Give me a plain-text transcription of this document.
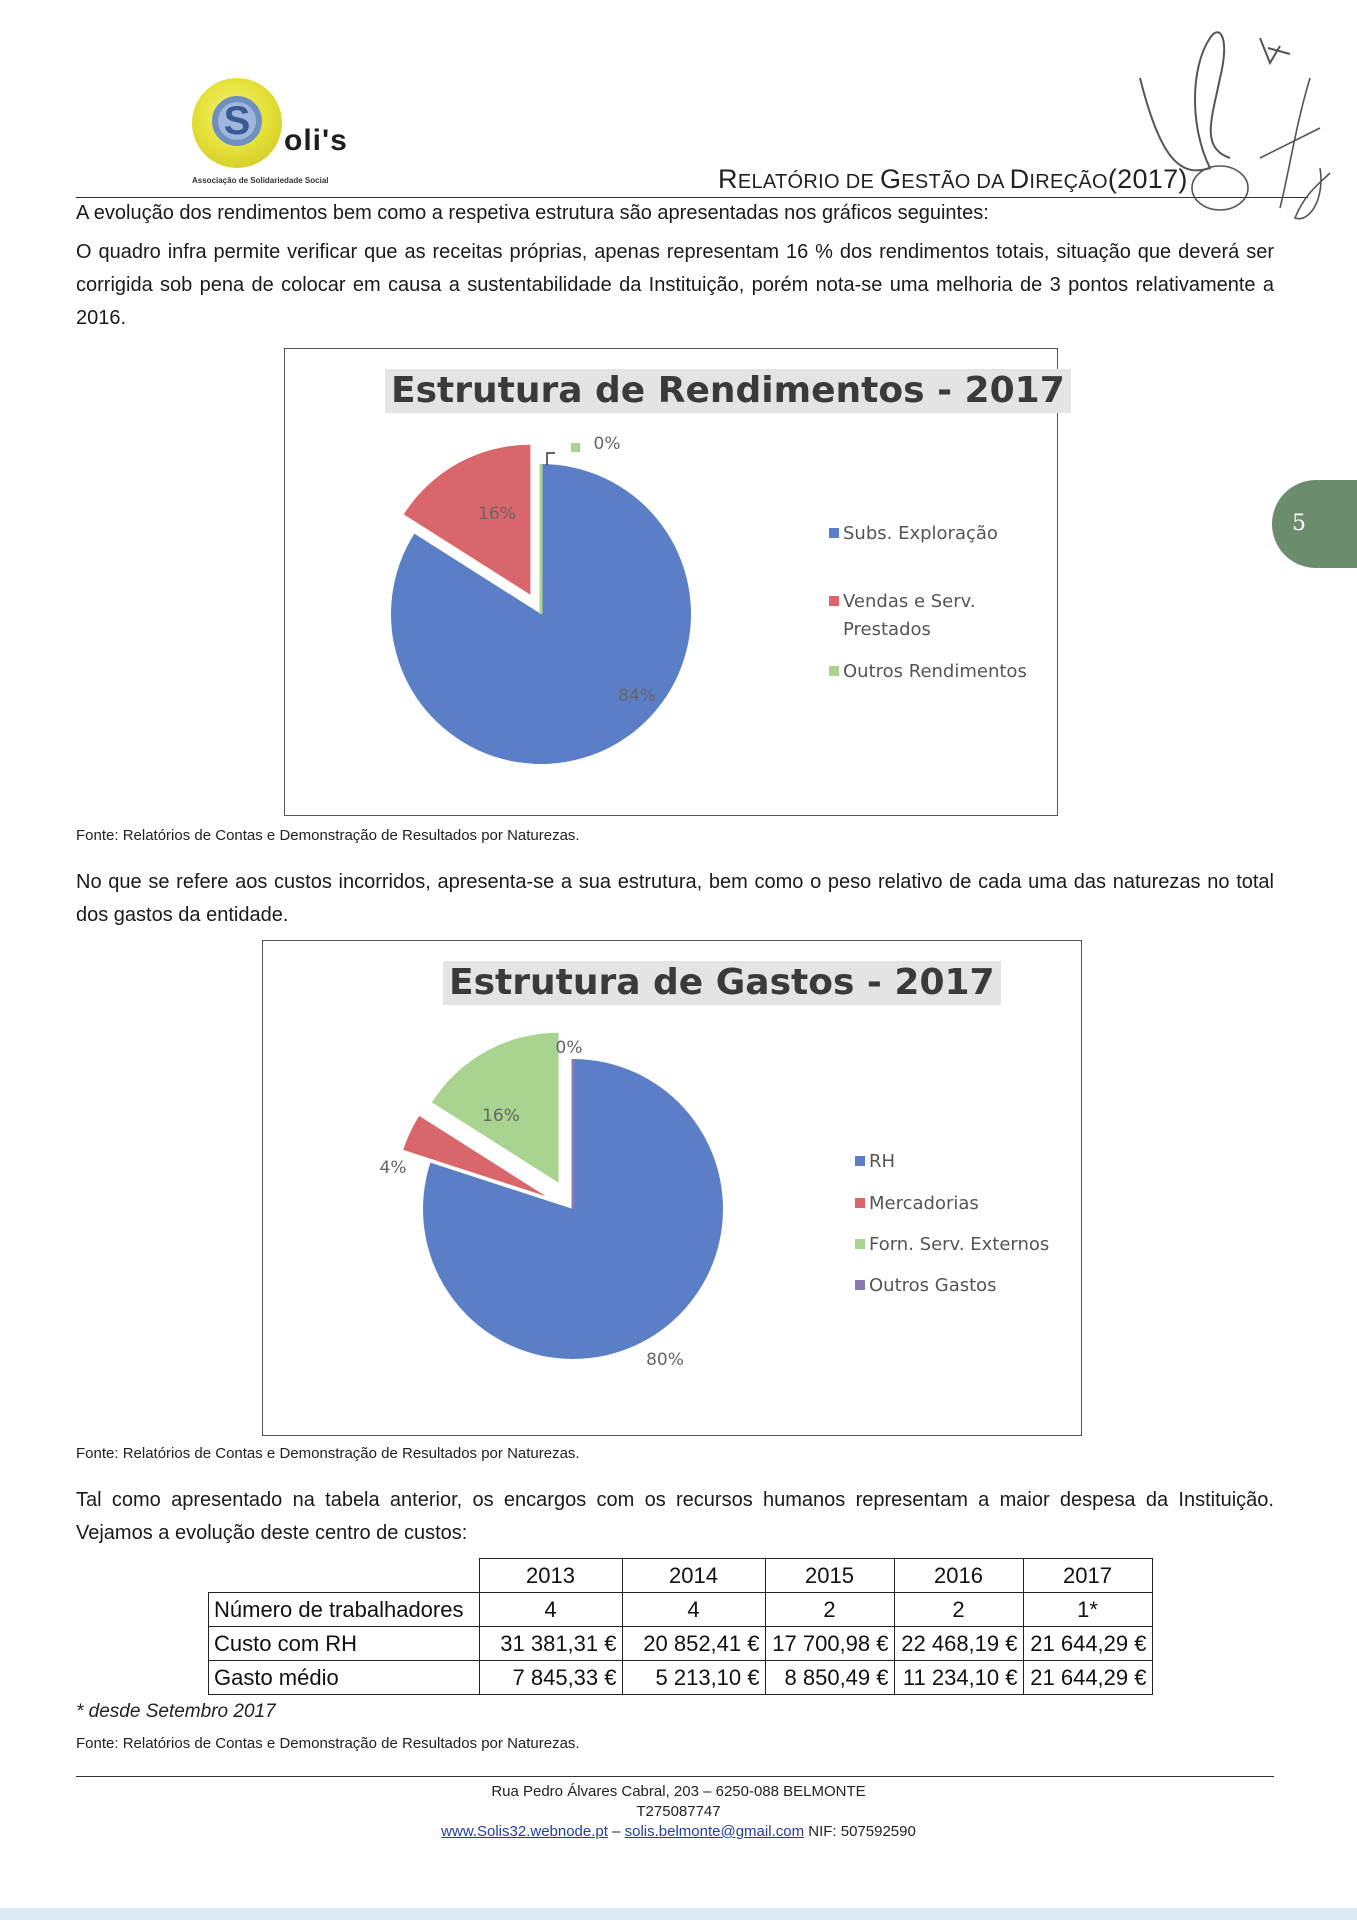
S	oli's
Associação de Solidariedade Social	RELATÓRIO DE GESTÃO DA DIREÇÃO(2017)
5
A evolução dos rendimentos bem como a respetiva estrutura são apresentadas nos gráficos seguintes:
O quadro infra permite verificar que as receitas próprias, apenas representam 16 % dos rendimentos totais, situação que deverá ser corrigida sob pena de colocar em causa a sustentabilidade da Instituição, porém nota-se uma melhoria de 3 pontos relativamente a 2016.
Estrutura de Rendimentos - 2017
84%
16%
0%
Subs. Exploração
Vendas e Serv.
Prestados
Outros Rendimentos
Fonte: Relatórios de Contas e Demonstração de Resultados por Naturezas.
No que se refere aos custos incorridos, apresenta-se a sua estrutura, bem como o peso relativo de cada uma das naturezas no total dos gastos da entidade.
Estrutura de Gastos - 2017
80%
4%
16%
0%
RH
Mercadorias
Forn. Serv. Externos
Outros Gastos
Fonte: Relatórios de Contas e Demonstração de Resultados por Naturezas.
Tal como apresentado na tabela anterior, os encargos com os recursos humanos representam a maior despesa da Instituição. Vejamos a evolução deste centro de custos:
	2013	2014	2015	2016	2017
Número de trabalhadores	4	4	2	2	1*
Custo com RH	31 381,31 €	20 852,41 €	17 700,98 €	22 468,19 €	21 644,29 €
Gasto médio	7 845,33 €	5 213,10 €	8 850,49 €	11 234,10 €	21 644,29 €
* desde Setembro 2017
Fonte: Relatórios de Contas e Demonstração de Resultados por Naturezas.
Rua Pedro Álvares Cabral, 203 – 6250-088 BELMONTE
T275087747
www.Solis32.webnode.pt – solis.belmonte@gmail.com NIF: 507592590
